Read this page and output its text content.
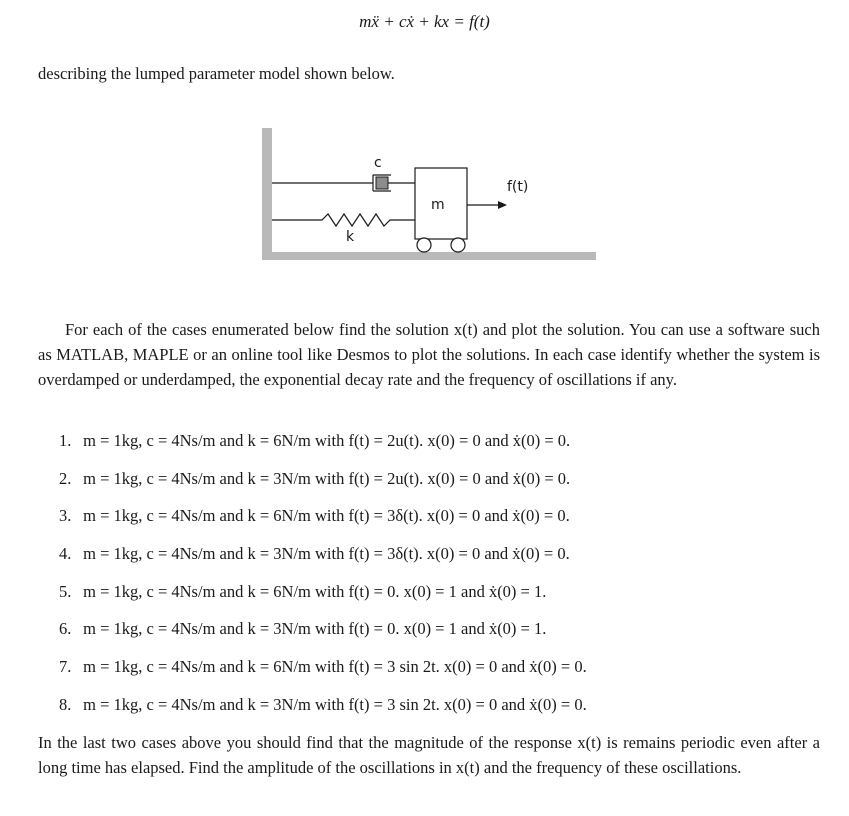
mẍ + cẋ + kx = f(t)
describing the lumped parameter model shown below.
c
m
k
f(t)
For each of the cases enumerated below find the solution x(t) and plot the solution. You can use a software such as MATLAB, MAPLE or an online tool like Desmos to plot the solutions. In each case identify whether the system is overdamped or underdamped, the exponential decay rate and the frequency of oscillations if any.
1. m = 1kg, c = 4Ns/m and k = 6N/m with f(t) = 2u(t). x(0) = 0 and ẋ(0) = 0.
2. m = 1kg, c = 4Ns/m and k = 3N/m with f(t) = 2u(t). x(0) = 0 and ẋ(0) = 0.
3. m = 1kg, c = 4Ns/m and k = 6N/m with f(t) = 3δ(t). x(0) = 0 and ẋ(0) = 0.
4. m = 1kg, c = 4Ns/m and k = 3N/m with f(t) = 3δ(t). x(0) = 0 and ẋ(0) = 0.
5. m = 1kg, c = 4Ns/m and k = 6N/m with f(t) = 0. x(0) = 1 and ẋ(0) = 1.
6. m = 1kg, c = 4Ns/m and k = 3N/m with f(t) = 0. x(0) = 1 and ẋ(0) = 1.
7. m = 1kg, c = 4Ns/m and k = 6N/m with f(t) = 3 sin 2t. x(0) = 0 and ẋ(0) = 0.
8. m = 1kg, c = 4Ns/m and k = 3N/m with f(t) = 3 sin 2t. x(0) = 0 and ẋ(0) = 0.
In the last two cases above you should find that the magnitude of the response x(t) is remains periodic even after a long time has elapsed. Find the amplitude of the oscillations in x(t) and the frequency of these oscillations.
